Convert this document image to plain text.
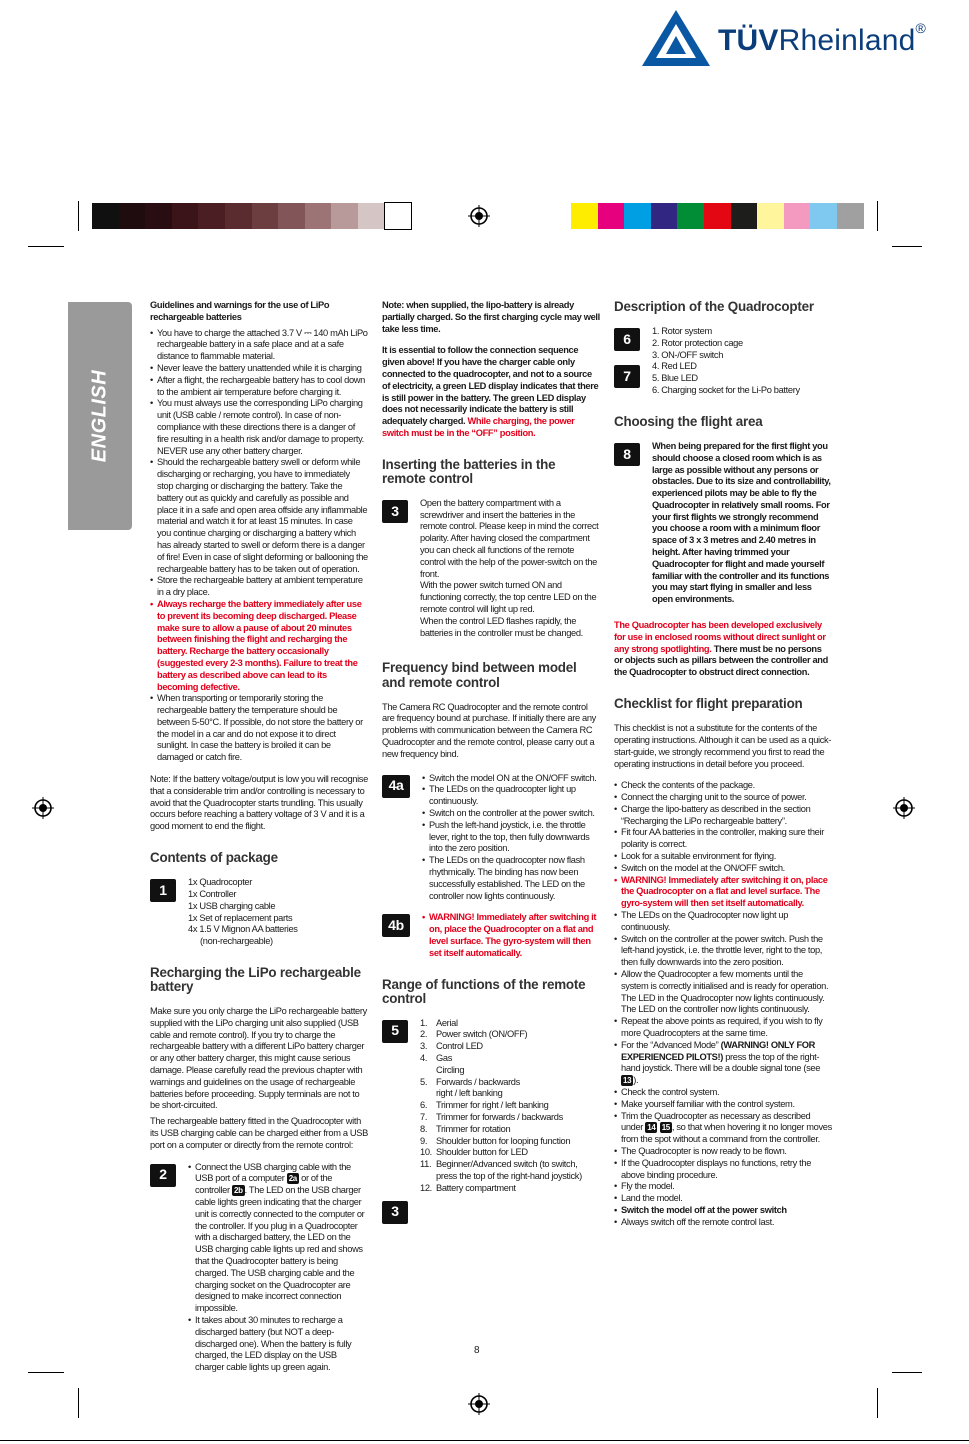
TÜVRheinland®
ENGLISH

Guidelines and warnings for the use of LiPo rechargeable batteries

• You have to charge the attached 3.7 V ⎓ 140 mAh LiPo rechargeable battery in a safe place and at a safe distance to flammable material.
• Never leave the battery unattended while it is charging
• After a flight, the rechargeable battery has to cool down to the ambient air temperature before charging it.
• You must always use the corresponding LiPo charging unit (USB cable / remote control). In case of non-compliance with these directions there is a danger of fire resulting in a health risk and/or damage to property. NEVER use any other battery charger.
• Should the rechargeable battery swell or deform while discharging or recharging, you have to immediately stop charging or discharging the battery. Take the battery out as quickly and carefully as possible and place it in a safe and open area offside any inflammable material and watch it for at least 15 minutes. In case you continue charging or discharging a battery which has already started to swell or deform there is a danger of fire! Even in case of slight deforming or ballooning the rechargeable battery has to be taken out of operation.
• Store the rechargeable battery at ambient temperature in a dry place.
• Always recharge the battery immediately after use to prevent its becoming deep discharged. Please make sure to allow a pause of about 20 minutes between finishing the flight and recharging the battery. Recharge the battery occasionally (suggested every 2-3 months). Failure to treat the battery as described above can lead to its becoming defective.
• When transporting or temporarily storing the rechargeable battery the temperature should be between 5-50°C. If possible, do not store the battery or the model in a car and do not expose it to direct sunlight. In case the battery is broiled it can be damaged or catch fire.

Note: If the battery voltage/output is low you will recognise that a considerable trim and/or controlling is necessary to avoid that the Quadrocopter starts trundling. This usually occurs before reaching a battery voltage of 3 V and it is a good moment to end the flight.

Contents of package
1	1x Quadrocopter
1x Controller
1x USB charging cable
1x Set of replacement parts
4x 1.5 V Mignon AA batteries
(non-rechargeable)
Recharging the LiPo rechargeable battery

Make sure you only charge the LiPo rechargeable battery supplied with the LiPo charging unit also supplied (USB cable and remote control). If you try to charge the rechargeable battery with a different LiPo battery charger or any other battery charger, this might cause serious damage. Please carefully read the previous chapter with warnings and guidelines on the usage of rechargeable batteries before proceeding. Supply terminals are not to be short-circuited.

The rechargeable battery fitted in the Quadrocopter with its USB charging cable can be charged either from a USB port on a computer or directly from the remote control:

2	• Connect the USB charging cable with the USB port of a computer 2a or of the controller 2b . The LED on the USB charger cable lights green indicating that the charger unit is correctly connected to the computer or the controller. If you plug in a Quadrocopter with a discharged battery, the LED on the USB charging cable lights up red and shows that the Quadrocopter battery is being charged. The USB charging cable and the charging socket on the Quadrocopter are designed to make incorrect connection impossible.
• It takes about 30 minutes to recharge a discharged battery (but NOT a deep-discharged one). When the battery is fully charged, the LED display on the USB charger cable lights up green again.

Note: when supplied, the lipo-battery is already partially charged. So the first charging cycle may well take less time.

It is essential to follow the connection sequence given above! If you have the charger cable only connected to the quadrocopter, and not to a source of electricity, a green LED display indicates that there is still power in the battery. The green LED display does not necessarily indicate the battery is still adequately charged. While charging, the power switch must be in the “OFF” position.

Inserting the batteries in the remote control
3	Open the battery compartment with a screwdriver and insert the batteries in the remote control. Please keep in mind the correct polarity. After having closed the compartment you can check all functions of the remote control with the help of the power-switch on the front.

With the power switch turned ON and functioning correctly, the top centre LED on the remote control will light up red.

When the control LED flashes rapidly, the batteries in the controller must be changed.

Frequency bind between model and remote control

The Camera RC Quadrocopter and the remote control are frequency bound at purchase. If initially there are any problems with communication between the Camera RC Quadrocopter and the remote control, please carry out a new frequency bind.

4a	• Switch the model ON at the ON/OFF switch.
• The LEDs on the quadrocopter light up continuously.
• Switch on the controller at the power switch.
• Push the left-hand joystick, i.e. the throttle lever, right to the top, then fully downwards into the zero position.
• The LEDs on the quadrocopter now flash rhythmically. The binding has now been successfully established. The LED on the controller now lights continuously.
4b	• WARNING! Immediately after switching it on, place the Quadrocopter on a flat and level surface. The gyro-system will then set itself automatically.
Range of functions of the remote control
5	1. Aerial
2. Power switch (ON/OFF)
3. Control LED
4. Gas
Circling
5. Forwards / backwards
right / left banking
6. Trimmer for right / left banking
7. Trimmer for forwards / backwards
8. Trimmer for rotation
9. Shoulder button for looping function
10. Shoulder button for LED
11. Beginner/Advanced switch (to switch, press the top of the right-hand joystick)
12. Battery compartment
3
Description of the Quadrocopter
6
7
1. Rotor system
2. Rotor protection cage
3. ON-/OFF switch
4. Red LED
5. Blue LED
6. Charging socket for the Li-Po battery
Choosing the flight area
8	When being prepared for the first flight you should choose a closed room which is as large as possible without any persons or obstacles. Due to its size and controllability, experienced pilots may be able to fly the Quadrocopter in relatively small rooms. For your first flights we strongly recommend you choose a room with a minimum floor space of 3 x 3 metres and 2.40 metres in height. After having trimmed your Quadrocopter for flight and made yourself familiar with the controller and its functions you may start flying in smaller and less open environments.

The Quadrocopter has been developed exclusively for use in enclosed rooms without direct sunlight or any strong spotlighting. There must be no persons or objects such as pillars between the controller and the Quadrocopter to obstruct direct connection.

Checklist for flight preparation

This checklist is not a substitute for the contents of the operating instructions. Although it can be used as a quick-start-guide, we strongly recommend you first to read the operating instructions in detail before you proceed.

• Check the contents of the package.
• Connect the charging unit to the source of power.
• Charge the lipo-battery as described in the section “Recharging the LiPo rechargeable battery”.
• Fit four AA batteries in the controller, making sure their polarity is correct.
• Look for a suitable environment for flying.
• Switch on the model at the ON/OFF switch.
• WARNING! Immediately after switching it on, place the Quadrocopter on a flat and level surface. The gyro-system will then set itself automatically.
• The LEDs on the Quadrocopter now light up continuously.
• Switch on the controller at the power switch. Push the left-hand joystick, i.e. the throttle lever, right to the top, then fully downwards into the zero position.
• Allow the Quadrocopter a few moments until the system is correctly initialised and is ready for operation. The LED in the Quadrocopter now lights continuously. The LED on the controller now lights continuously.
• Repeat the above points as required, if you wish to fly more Quadrocopters at the same time.
• For the “Advanced Mode” (WARNING! ONLY FOR EXPERIENCED PILOTS!) press the top of the right-hand joystick. There will be a double signal tone (see 13 ).
• Check the control system.
• Make yourself familiar with the control system.
• Trim the Quadrocopter as necessary as described under 14 15 , so that when hovering it no longer moves from the spot without a command from the controller.
• The Quadrocopter is now ready to be flown.
• If the Quadrocopter displays no functions, retry the above binding procedure.
• Fly the model.
• Land the model.
• Switch the model off at the power switch
• Always switch off the remote control last.
8
